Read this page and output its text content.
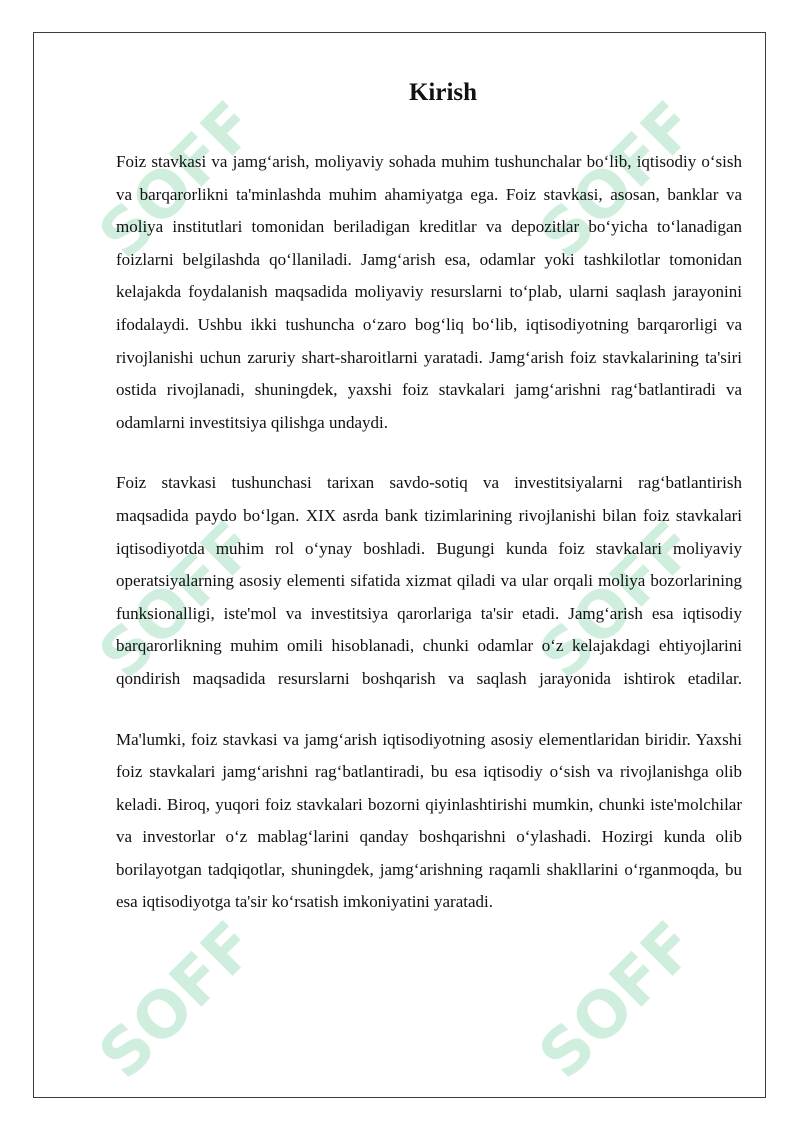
SOFF	SOFF
SOFF	SOFF
SOFF	SOFF
Kirish

Foiz stavkasi va jamg‘arish, moliyaviy sohada muhim tushunchalar bo‘lib, iqtisodiy o‘sish va barqarorlikni ta'minlashda muhim ahamiyatga ega. Foiz stavkasi, asosan, banklar va moliya institutlari tomonidan beriladigan kreditlar va depozitlar bo‘yicha to‘lanadigan foizlarni belgilashda qo‘llaniladi. Jamg‘arish esa, odamlar yoki tashkilotlar tomonidan kelajakda foydalanish maqsadida moliyaviy resurslarni to‘plab, ularni saqlash jarayonini ifodalaydi. Ushbu ikki tushuncha o‘zaro bog‘liq bo‘lib, iqtisodiyotning barqarorligi va rivojlanishi uchun zaruriy shart-sharoitlarni yaratadi. Jamg‘arish foiz stavkalarining ta'siri ostida rivojlanadi, shuningdek, yaxshi foiz stavkalari jamg‘arishni rag‘batlantiradi va odamlarni investitsiya qilishga undaydi.

Foiz stavkasi tushunchasi tarixan savdo-sotiq va investitsiyalarni rag‘batlantirish maqsadida paydo bo‘lgan. XIX asrda bank tizimlarining rivojlanishi bilan foiz stavkalari iqtisodiyotda muhim rol o‘ynay boshladi. Bugungi kunda foiz stavkalari moliyaviy operatsiyalarning asosiy elementi sifatida xizmat qiladi va ular orqali moliya bozorlarining funksionalligi, iste'mol va investitsiya qarorlariga ta'sir etadi. Jamg‘arish esa iqtisodiy barqarorlikning muhim omili hisoblanadi, chunki odamlar o‘z kelajakdagi ehtiyojlarini qondirish maqsadida resurslarni boshqarish va saqlash jarayonida ishtirok etadilar.

Ma'lumki, foiz stavkasi va jamg‘arish iqtisodiyotning asosiy elementlaridan biridir. Yaxshi foiz stavkalari jamg‘arishni rag‘batlantiradi, bu esa iqtisodiy o‘sish va rivojlanishga olib keladi. Biroq, yuqori foiz stavkalari bozorni qiyinlashtirishi mumkin, chunki iste'molchilar va investorlar o‘z mablag‘larini qanday boshqarishni o‘ylashadi. Hozirgi kunda olib borilayotgan tadqiqotlar, shuningdek, jamg‘arishning raqamli shakllarini o‘rganmoqda, bu esa iqtisodiyotga ta'sir ko‘rsatish imkoniyatini yaratadi.
